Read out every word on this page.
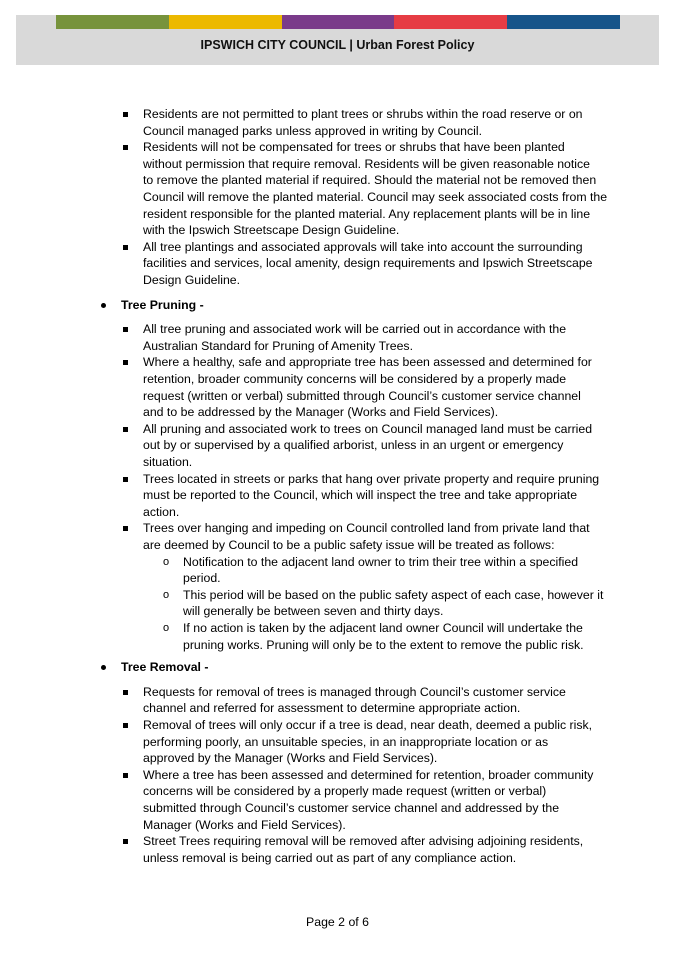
IPSWICH CITY COUNCIL | Urban Forest Policy
Residents are not permitted to plant trees or shrubs within the road reserve or on
Council managed parks unless approved in writing by Council.
Residents will not be compensated for trees or shrubs that have been planted
without permission that require removal. Residents will be given reasonable notice
to remove the planted material if required. Should the material not be removed then
Council will remove the planted material. Council may seek associated costs from the
resident responsible for the planted material. Any replacement plants will be in line
with the Ipswich Streetscape Design Guideline.
All tree plantings and associated approvals will take into account the surrounding
facilities and services, local amenity, design requirements and Ipswich Streetscape
Design Guideline.
Tree Pruning -
All tree pruning and associated work will be carried out in accordance with the
Australian Standard for Pruning of Amenity Trees.
Where a healthy, safe and appropriate tree has been assessed and determined for
retention, broader community concerns will be considered by a properly made
request (written or verbal) submitted through Council’s customer service channel
and to be addressed by the Manager (Works and Field Services).
All pruning and associated work to trees on Council managed land must be carried
out by or supervised by a qualified arborist, unless in an urgent or emergency
situation.
Trees located in streets or parks that hang over private property and require pruning
must be reported to the Council, which will inspect the tree and take appropriate
action.
Trees over hanging and impeding on Council controlled land from private land that
are deemed by Council to be a public safety issue will be treated as follows:
o Notification to the adjacent land owner to trim their tree within a specified
period.
o This period will be based on the public safety aspect of each case, however it
will generally be between seven and thirty days.
o If no action is taken by the adjacent land owner Council will undertake the
pruning works. Pruning will only be to the extent to remove the public risk.
Tree Removal -
Requests for removal of trees is managed through Council’s customer service
channel and referred for assessment to determine appropriate action.
Removal of trees will only occur if a tree is dead, near death, deemed a public risk,
performing poorly, an unsuitable species, in an inappropriate location or as
approved by the Manager (Works and Field Services).
Where a tree has been assessed and determined for retention, broader community
concerns will be considered by a properly made request (written or verbal)
submitted through Council’s customer service channel and addressed by the
Manager (Works and Field Services).
Street Trees requiring removal will be removed after advising adjoining residents,
unless removal is being carried out as part of any compliance action.
Page 2 of 6
